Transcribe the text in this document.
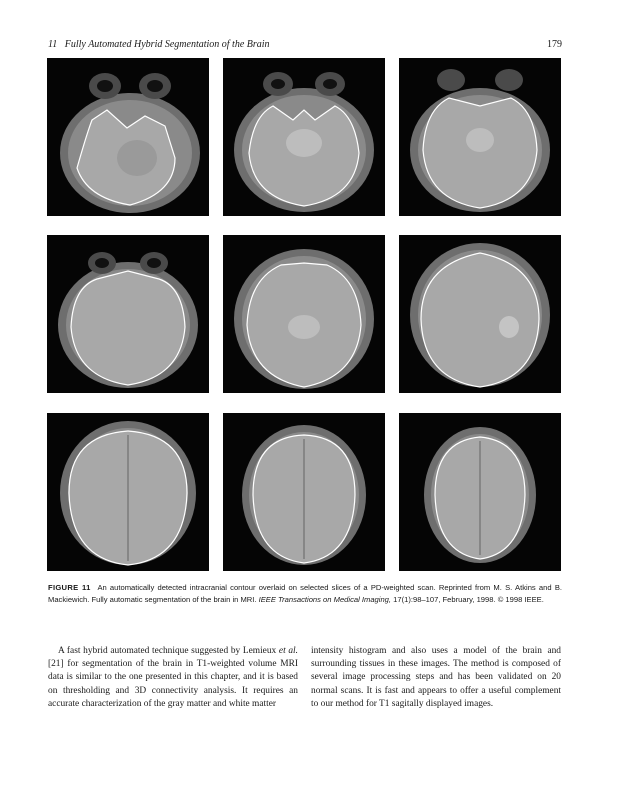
11 Fully Automated Hybrid Segmentation of the Brain	179
FIGURE 11 An automatically detected intracranial contour overlaid on selected slices of a PD-weighted scan. Reprinted from M. S. Atkins and B. Mackiewich. Fully automatic segmentation of the brain in MRI. IEEE Transactions on Medical Imaging, 17(1):98–107, February, 1998. © 1998 IEEE.

A fast hybrid automated technique suggested by Lemieux et al. [21] for segmentation of the brain in T1-weighted volume MRI data is similar to the one presented in this chapter, and it is based on thresholding and 3D connectivity analysis. It requires an accurate characterization of the gray matter and white matter

intensity histogram and also uses a model of the brain and surrounding tissues in these images. The method is composed of several image processing steps and has been validated on 20 normal scans. It is fast and appears to offer a useful complement to our method for T1 sagitally displayed images.
